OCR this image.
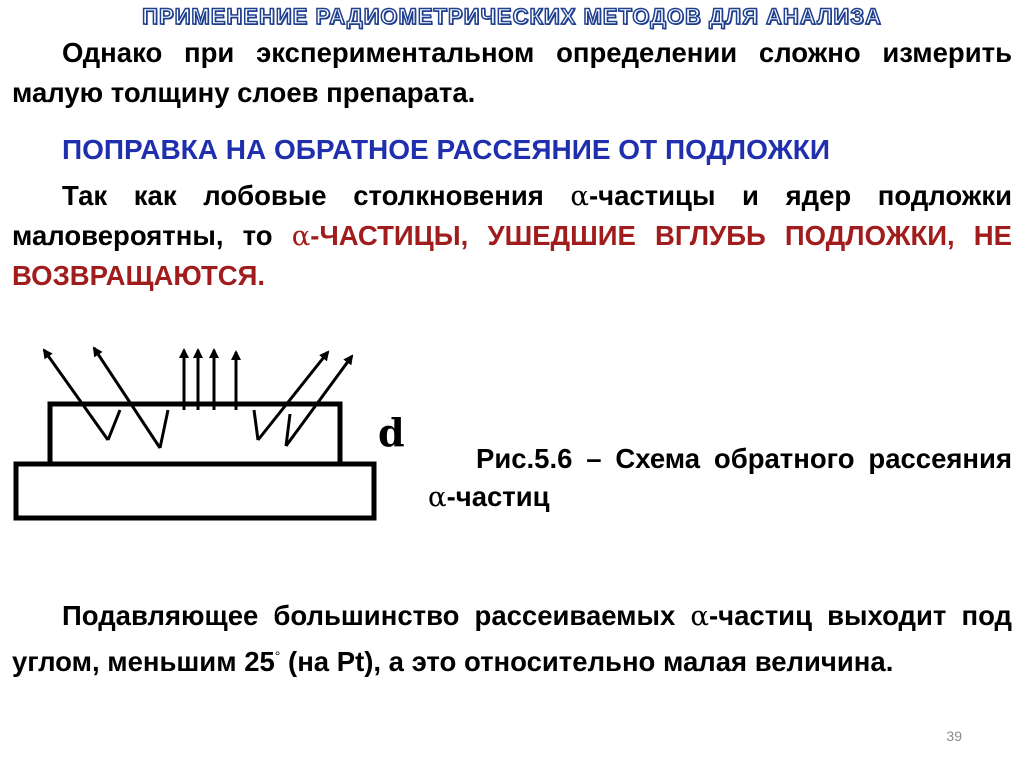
ПРИМЕНЕНИЕ РАДИОМЕТРИЧЕСКИХ МЕТОДОВ ДЛЯ АНАЛИЗА
Однако при экспериментальном определении сложно измерить малую толщину слоев препарата.
ПОПРАВКА НА ОБРАТНОЕ РАССЕЯНИЕ ОТ ПОДЛОЖКИ
Так как лобовые столкновения α-частицы и ядер подложки маловероятны, то α-ЧАСТИЦЫ, УШЕДШИЕ ВГЛУБЬ ПОДЛОЖКИ, НЕ ВОЗВРАЩАЮТСЯ.
d
Рис.5.6 – Схема обратного рассеяния α-частиц
Подавляющее большинство рассеиваемых α-частиц выходит под углом, меньшим 25° (на Pt), а это относительно малая величина.
39
